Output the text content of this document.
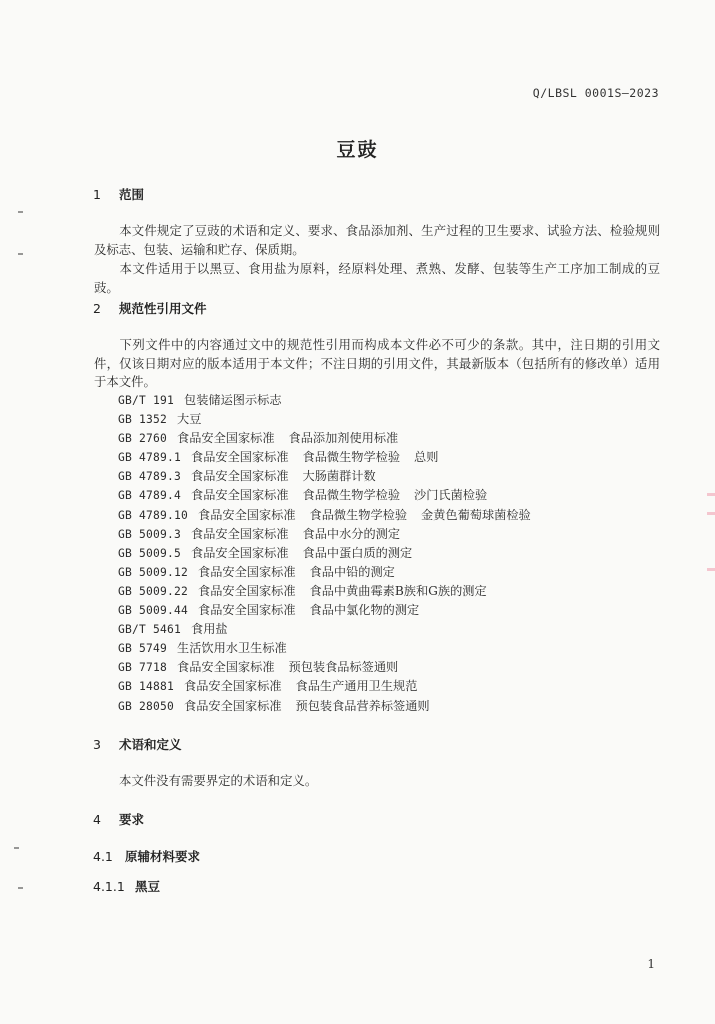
Q/LBSL 0001S—2023
豆豉
1 范围
本文件规定了豆豉的术语和定义、要求、食品添加剂、生产过程的卫生要求、试验方法、检验规则及标志、包装、运输和贮存、保质期。
本文件适用于以黑豆、食用盐为原料，经原料处理、煮熟、发酵、包装等生产工序加工制成的豆豉。
2 规范性引用文件
下列文件中的内容通过文中的规范性引用而构成本文件必不可少的条款。其中，注日期的引用文件，仅该日期对应的版本适用于本文件；不注日期的引用文件，其最新版本（包括所有的修改单）适用于本文件。
GB/T 191 包装储运图示标志
GB 1352 大豆
GB 2760 食品安全国家标准 食品添加剂使用标准
GB 4789.1 食品安全国家标准 食品微生物学检验 总则
GB 4789.3 食品安全国家标准 大肠菌群计数
GB 4789.4 食品安全国家标准 食品微生物学检验 沙门氏菌检验
GB 4789.10 食品安全国家标准 食品微生物学检验 金黄色葡萄球菌检验
GB 5009.3 食品安全国家标准 食品中水分的测定
GB 5009.5 食品安全国家标准 食品中蛋白质的测定
GB 5009.12 食品安全国家标准 食品中铅的测定
GB 5009.22 食品安全国家标准 食品中黄曲霉素B族和G族的测定
GB 5009.44 食品安全国家标准 食品中氯化物的测定
GB/T 5461 食用盐
GB 5749 生活饮用水卫生标准
GB 7718 食品安全国家标准 预包装食品标签通则
GB 14881 食品安全国家标准 食品生产通用卫生规范
GB 28050 食品安全国家标准 预包装食品营养标签通则
3 术语和定义
本文件没有需要界定的术语和定义。
4 要求
4.1 原辅材料要求
4.1.1 黑豆
1
